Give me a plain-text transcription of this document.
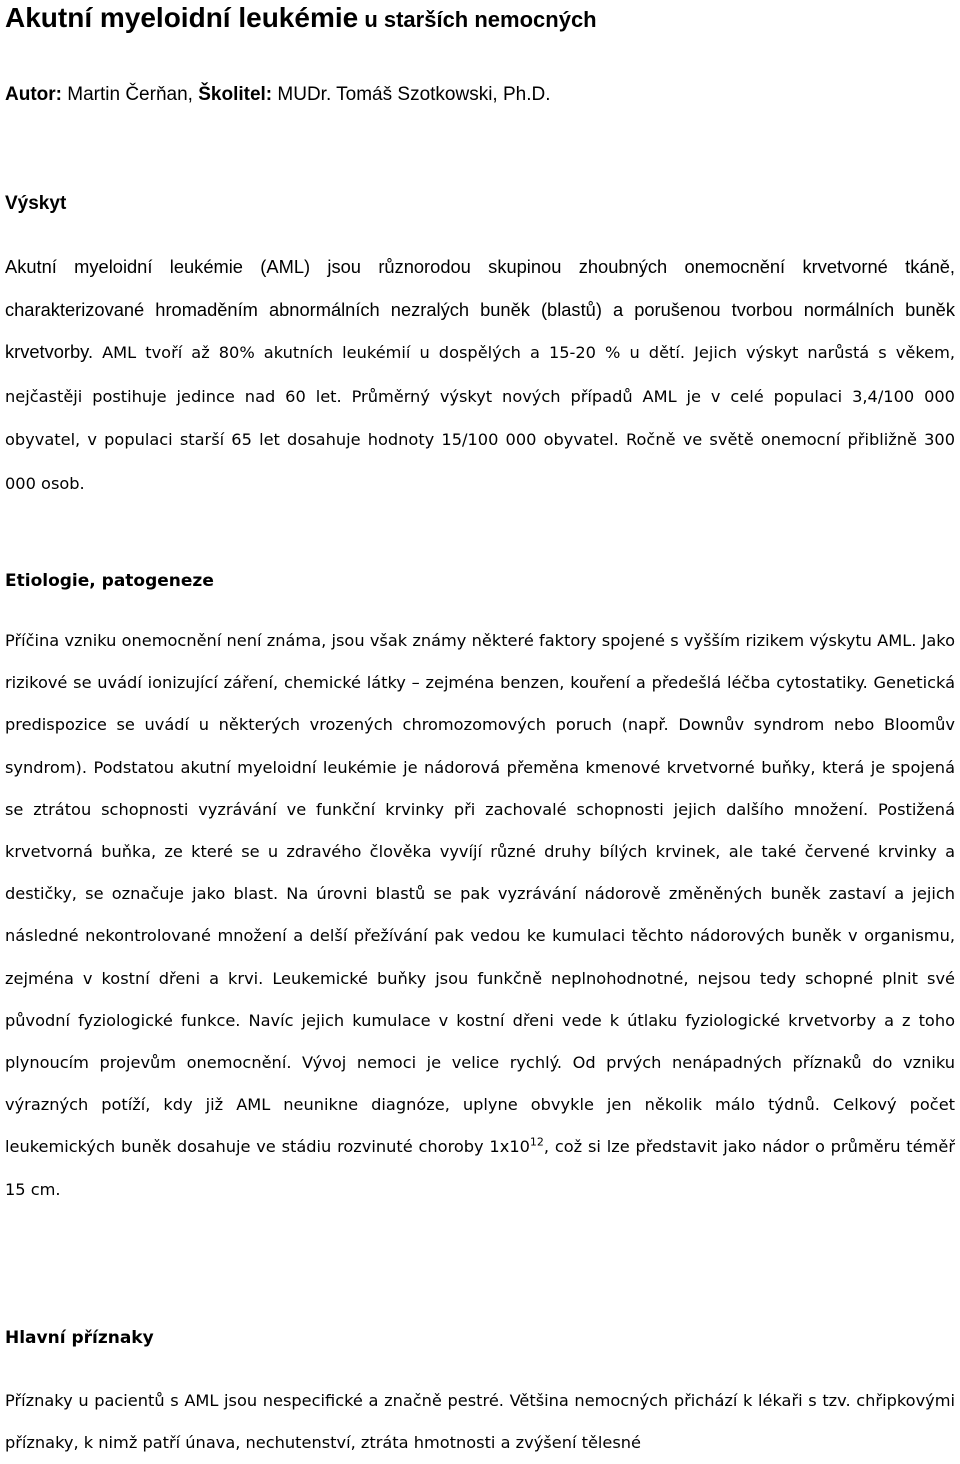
Akutní myeloidní leukémie u starších nemocných
Autor: Martin Čerňan, Školitel: MUDr. Tomáš Szotkowski, Ph.D.
Výskyt

Akutní myeloidní leukémie (AML) jsou různorodou skupinou zhoubných onemocnění krvetvorné tkáně, charakterizované hromaděním abnormálních nezralých buněk (blastů) a porušenou tvorbou normálních buněk krvetvorby. AML tvoří až 80% akutních leukémií u dospělých a 15-20 % u dětí. Jejich výskyt narůstá s věkem, nejčastěji postihuje jedince nad 60 let. Průměrný výskyt nových případů AML je v celé populaci 3,4/100 000 obyvatel, v populaci starší 65 let dosahuje hodnoty 15/100 000 obyvatel. Ročně ve světě onemocní přibližně 300 000 osob.

Etiologie, patogeneze

Příčina vzniku onemocnění není známa, jsou však známy některé faktory spojené s vyšším rizikem výskytu AML. Jako rizikové se uvádí ionizující záření, chemické látky – zejména benzen, kouření a předešlá léčba cytostatiky. Genetická predispozice se uvádí u některých vrozených chromozomových poruch (např. Downův syndrom nebo Bloomův syndrom). Podstatou akutní myeloidní leukémie je nádorová přeměna kmenové krvetvorné buňky, která je spojená se ztrátou schopnosti vyzrávání ve funkční krvinky při zachovalé schopnosti jejich dalšího množení. Postižená krvetvorná buňka, ze které se u zdravého člověka vyvíjí různé druhy bílých krvinek, ale také červené krvinky a destičky, se označuje jako blast. Na úrovni blastů se pak vyzrávání nádorově změněných buněk zastaví a jejich následné nekontrolované množení a delší přežívání pak vedou ke kumulaci těchto nádorových buněk v organismu, zejména v kostní dřeni a krvi. Leukemické buňky jsou funkčně neplnohodnotné, nejsou tedy schopné plnit své původní fyziologické funkce. Navíc jejich kumulace v kostní dřeni vede k útlaku fyziologické krvetvorby a z toho plynoucím projevům onemocnění. Vývoj nemoci je velice rychlý. Od prvých nenápadných příznaků do vzniku výrazných potíží, kdy již AML neunikne diagnóze, uplyne obvykle jen několik málo týdnů. Celkový počet leukemických buněk dosahuje ve stádiu rozvinuté choroby $1x10^{12}$, což si lze představit jako nádor o průměru téměř 15 cm.

Hlavní příznaky

Příznaky u pacientů s AML jsou nespecifické a značně pestré. Většina nemocných přichází k lékaři s tzv. chřipkovými příznaky, k nimž patří únava, nechutenství, ztráta hmotnosti a zvýšení tělesné
